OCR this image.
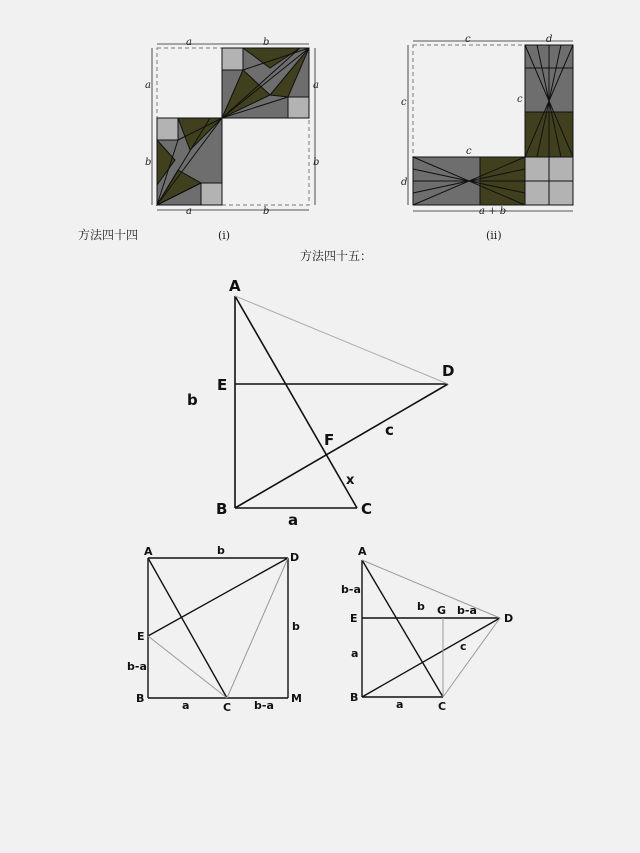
a	b
a
b
a
b
a	b
方法四十四	(i)
c	d
c
d
c
c
a + b
(ii)
方法四十五：
A
E
D
F
B	C
b
a
c
x
A	b
D
b
E
b-a
B
a	C b-a
M
A
b-a
E
b G b-a
D
a
c
B
a	C
